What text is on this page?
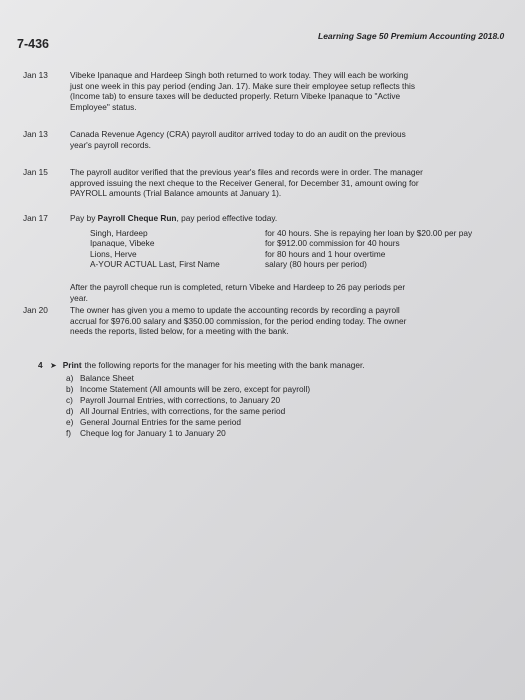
7-436
Learning Sage 50 Premium Accounting 2018.0
Jan 13	Vibeke Ipanaque and Hardeep Singh both returned to work today. They will each be working

just one week in this pay period (ending Jan. 17). Make sure their employee setup reflects this

(Income tab) to ensure taxes will be deducted properly. Return Vibeke Ipanaque to "Active

Employee" status.

Jan 13	Canada Revenue Agency (CRA) payroll auditor arrived today to do an audit on the previous

year's payroll records.

Jan 15	The payroll auditor verified that the previous year's files and records were in order. The manager

approved issuing the next cheque to the Receiver General, for December 31, amount owing for

PAYROLL amounts (Trial Balance amounts at January 1).

Jan 17	Pay by Payroll Cheque Run, pay period effective today.

Singh, Hardeep	for 40 hours. She is repaying her loan by $20.00 per pay
Ipanaque, Vibeke	for $912.00 commission for 40 hours
Lions, Herve	for 80 hours and 1 hour overtime
A-YOUR ACTUAL Last, First Name	salary (80 hours per period)

After the payroll cheque run is completed, return Vibeke and Hardeep to 26 pay periods per

year.

Jan 20	The owner has given you a memo to update the accounting records by recording a payroll

accrual for $976.00 salary and $350.00 commission, for the period ending today. The owner

needs the reports, listed below, for a meeting with the bank.

4 ➤ Print the following reports for the manager for his meeting with the bank manager.
a) Balance Sheet
b) Income Statement (All amounts will be zero, except for payroll)
c) Payroll Journal Entries, with corrections, to January 20
d) All Journal Entries, with corrections, for the same period
e) General Journal Entries for the same period
f)	Cheque log for January 1 to January 20
